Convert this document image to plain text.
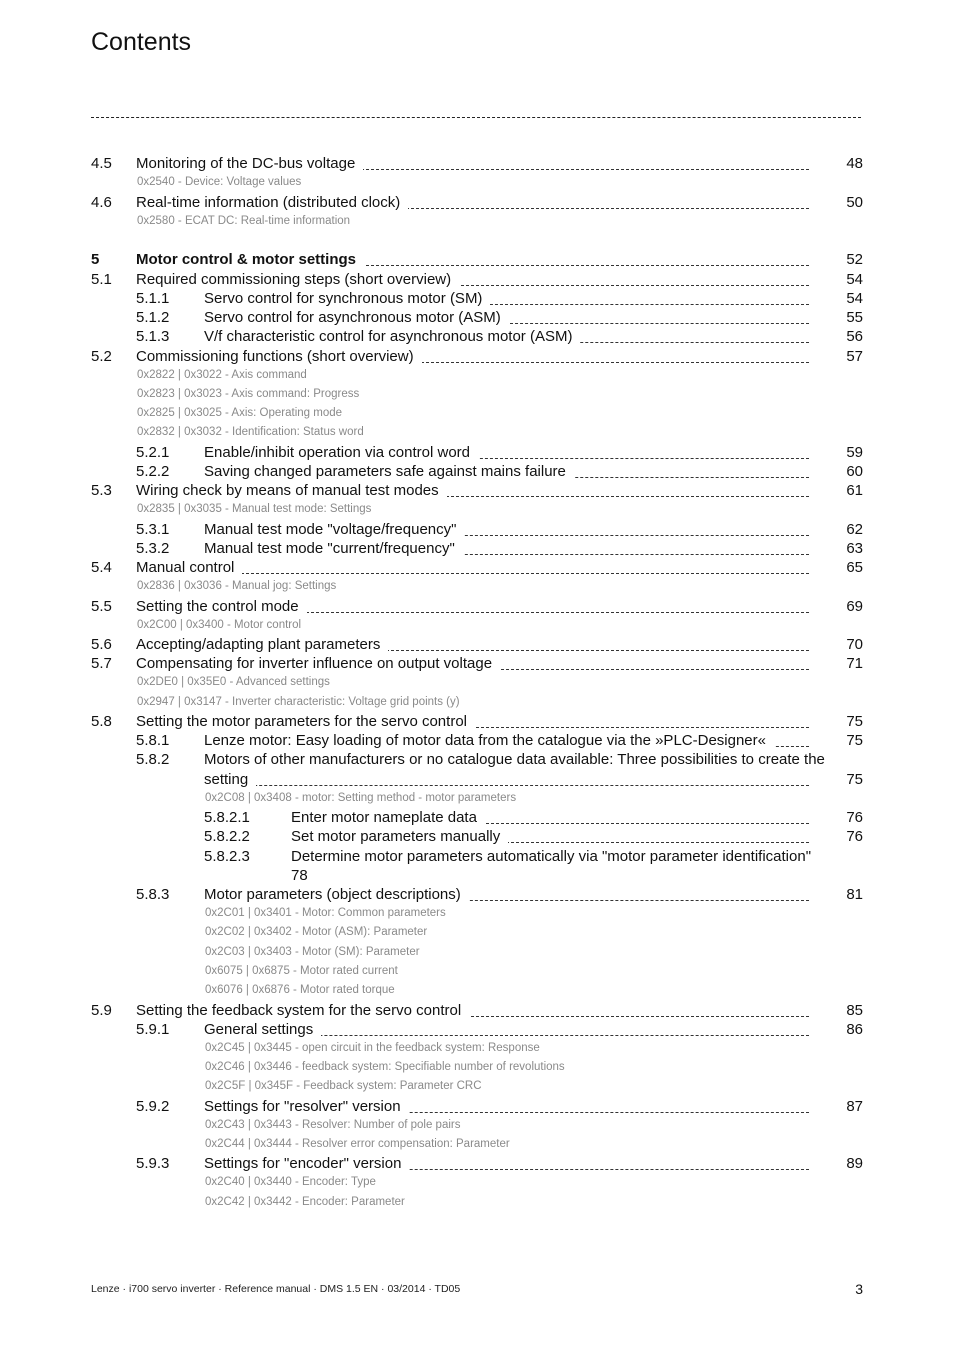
Contents
4.5 Monitoring of the DC-bus voltage	48
0x2540 - Device: Voltage values
4.6 Real-time information (distributed clock)	50
0x2580 - ECAT DC: Real-time information
5 Motor control & motor settings	52
5.1 Required commissioning steps (short overview)	54
5.1.1 Servo control for synchronous motor (SM)	54
5.1.2 Servo control for asynchronous motor (ASM)	55
5.1.3 V/f characteristic control for asynchronous motor (ASM)	56
5.2 Commissioning functions (short overview)	57
0x2822 | 0x3022 - Axis command
0x2823 | 0x3023 - Axis command: Progress
0x2825 | 0x3025 - Axis: Operating mode
0x2832 | 0x3032 - Identification: Status word
5.2.1 Enable/inhibit operation via control word	59
5.2.2 Saving changed parameters safe against mains failure	60
5.3 Wiring check by means of manual test modes	61
0x2835 | 0x3035 - Manual test mode: Settings
5.3.1 Manual test mode "voltage/frequency"	62
5.3.2 Manual test mode "current/frequency"	63
5.4 Manual control	65
0x2836 | 0x3036 - Manual jog: Settings
5.5 Setting the control mode	69
0x2C00 | 0x3400 - Motor control
5.6 Accepting/adapting plant parameters	70
5.7 Compensating for inverter influence on output voltage	71
0x2DE0 | 0x35E0 - Advanced settings
0x2947 | 0x3147 - Inverter characteristic: Voltage grid points (y)
5.8 Setting the motor parameters for the servo control	75
5.8.1 Lenze motor: Easy loading of motor data from the catalogue via the »PLC-Designer«	75
5.8.2 Motors of other manufacturers or no catalogue data available: Three possibilities to create the
75
setting
0x2C08 | 0x3408 - motor: Setting method - motor parameters
5.8.2.1	Enter motor nameplate data	76
5.8.2.2	Set motor parameters manually	76
5.8.2.3	Determine motor parameters automatically via "motor parameter identification"
78
5.8.3 Motor parameters (object descriptions)	81
0x2C01 | 0x3401 - Motor: Common parameters
0x2C02 | 0x3402 - Motor (ASM): Parameter
0x2C03 | 0x3403 - Motor (SM): Parameter
0x6075 | 0x6875 - Motor rated current
0x6076 | 0x6876 - Motor rated torque
5.9 Setting the feedback system for the servo control	85
5.9.1 General settings	86
0x2C45 | 0x3445 - open circuit in the feedback system: Response
0x2C46 | 0x3446 - feedback system: Specifiable number of revolutions
0x2C5F | 0x345F - Feedback system: Parameter CRC
5.9.2 Settings for "resolver" version	87
0x2C43 | 0x3443 - Resolver: Number of pole pairs
0x2C44 | 0x3444 - Resolver error compensation: Parameter
5.9.3 Settings for "encoder" version	89
0x2C40 | 0x3440 - Encoder: Type
0x2C42 | 0x3442 - Encoder: Parameter
Lenze · i700 servo inverter · Reference manual · DMS 1.5 EN · 03/2014 · TD05	3
